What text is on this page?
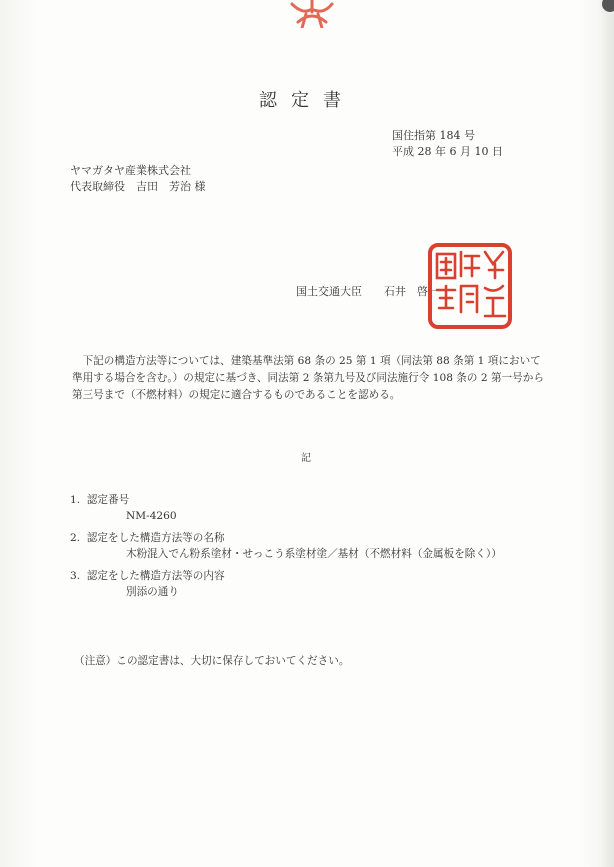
認定書
国住指第 184 号
平成 28 年 6 月 10 日
ヤマガタヤ産業株式会社
代表取締役　吉田　芳治 様
国土交通大臣　　石井　啓一
下記の構造方法等については、建築基準法第 68 条の 25 第 1 項（同法第 88 条第 1 項において準用する場合を含む。）の規定に基づき、同法第 2 条第九号及び同法施行令 108 条の 2 第一号から第三号まで（不燃材料）の規定に適合するものであることを認める。
記
1.  認定番号
NM-4260
2.  認定をした構造方法等の名称
木粉混入でん粉系塗材・せっこう系塗材塗／基材（不燃材料（金属板を除く））
3.  認定をした構造方法等の内容
別添の通り
（注意）この認定書は、大切に保存しておいてください。
